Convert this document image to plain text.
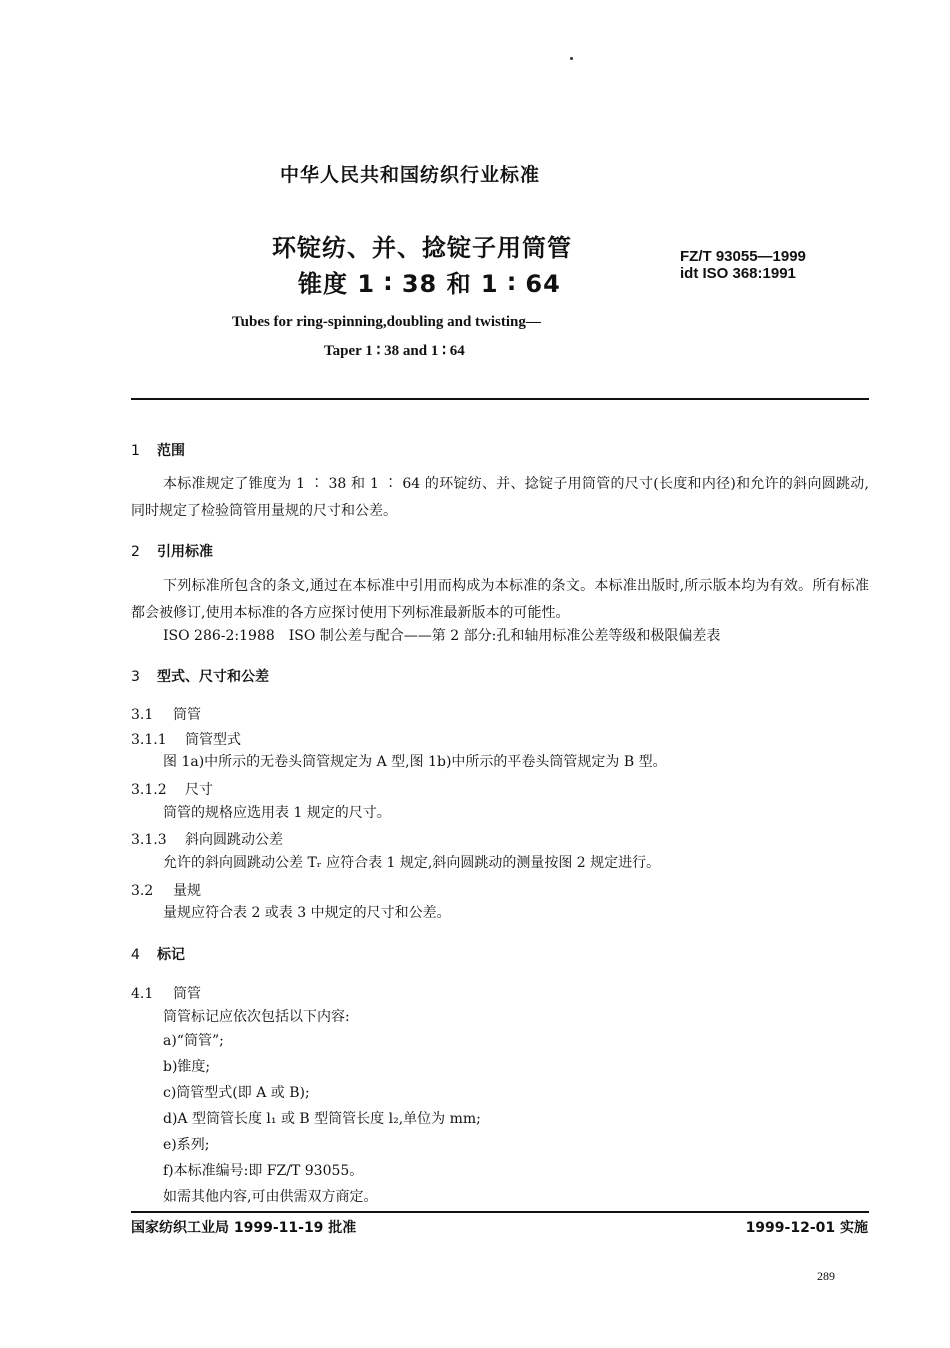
中华人民共和国纺织行业标准
环锭纺、并、捻锭子用筒管
锥度 1 ∶ 38 和 1 ∶ 64
FZ/T 93055—1999
idt ISO 368:1991
Tubes for ring-spinning,doubling and twisting—
Taper 1 ∶ 38 and 1 ∶ 64
1 范围
本标准规定了锥度为 1 ∶ 38 和 1 ∶ 64 的环锭纺、并、捻锭子用筒管的尺寸(长度和内径)和允许的斜向圆跳动,同时规定了检验筒管用量规的尺寸和公差。
2 引用标准
下列标准所包含的条文,通过在本标准中引用而构成为本标准的条文。本标准出版时,所示版本均为有效。所有标准都会被修订,使用本标准的各方应探讨使用下列标准最新版本的可能性。
ISO 286-2:1988　ISO 制公差与配合——第 2 部分:孔和轴用标准公差等级和极限偏差表
3 型式、尺寸和公差
3.1 筒管
3.1.1 筒管型式
图 1a)中所示的无卷头筒管规定为 A 型,图 1b)中所示的平卷头筒管规定为 B 型。
3.1.2 尺寸
筒管的规格应选用表 1 规定的尺寸。
3.1.3 斜向圆跳动公差
允许的斜向圆跳动公差 Tᵣ 应符合表 1 规定,斜向圆跳动的测量按图 2 规定进行。
3.2 量规
量规应符合表 2 或表 3 中规定的尺寸和公差。
4 标记
4.1 筒管
筒管标记应依次包括以下内容:
a)“筒管”;
b)锥度;
c)筒管型式(即 A 或 B);
d)A 型筒管长度 l₁ 或 B 型筒管长度 l₂,单位为 mm;
e)系列;
f)本标准编号:即 FZ/T 93055。
如需其他内容,可由供需双方商定。
国家纺织工业局 1999-11-19 批准	1999-12-01 实施
289
